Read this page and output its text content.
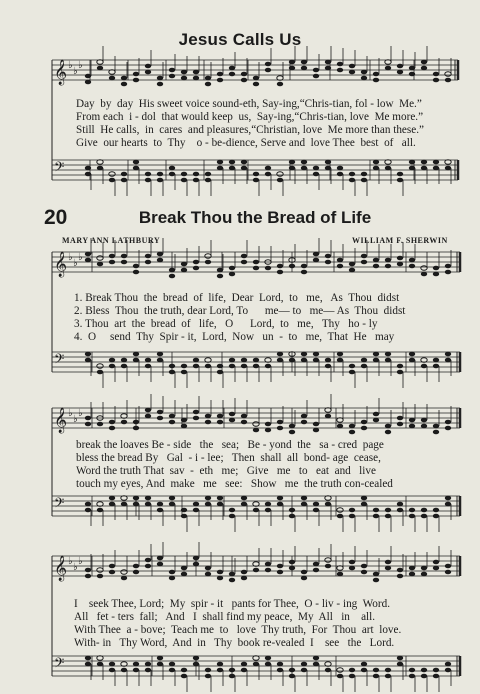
𝄞
𝄢
♭
♭
♭
𝄞
𝄢
♭
♭
♭
𝄞
𝄢
♭
♭
♭
𝄞
𝄢
♭
♭
♭
Jesus Calls Us
Day  by  day  His sweet voice sound-eth, Say-ing,“Chris-tian, fol - low  Me.”
From each  i - dol  that would keep  us,  Say-ing,“Chris-tian, love  Me more.”
Still  He calls,  in  cares  and pleasures,“Christian, love  Me more than these.”
Give  our hearts  to  Thy    o - be-dience, Serve and  love Thee  best  of   all.
20	Break Thou the Bread of Life
MARY ANN LATHBURY	WILLIAM F. SHERWIN
1. Break Thou  the  bread  of  life,  Dear  Lord,  to   me,   As  Thou  didst
2. Bless  Thou  the truth, dear Lord, To      me— to   me— As  Thou  didst
3. Thou  art  the  bread  of   life,   O      Lord,  to   me,   Thy   ho - ly
4.  O     send  Thy  Spir - it,  Lord,  Now   un  -  to   me,  That  He   may
break the loaves Be - side   the   sea;   Be - yond  the   sa - cred  page
bless the bread By   Gal  - i - lee;   Then  shall  all  bond- age  cease,
Word the truth That  sav  -  eth   me;   Give   me   to   eat  and   live
touch my eyes, And  make   me   see:   Show   me  the truth con-cealed
I    seek Thee, Lord;  My  spir - it   pants for Thee,  O - liv - ing  Word.
All   fet - ters  fall;   And   I  shall find my peace,  My  All   in    all.
With Thee  a - bove;  Teach me  to   love  Thy truth,  For  Thou  art  love.
With- in   Thy Word,  And  in   Thy  book re-vealed  I    see   the   Lord.
